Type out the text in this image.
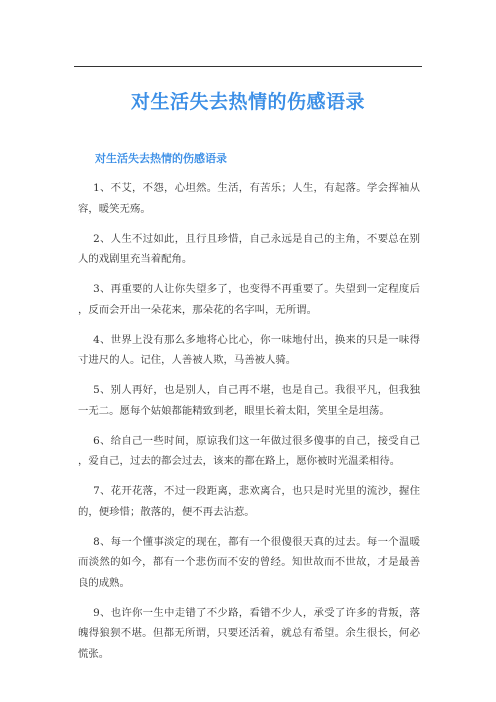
对生活失去热情的伤感语录
对生活失去热情的伤感语录

1、不艾，不怨，心坦然。生活，有苦乐；人生，有起落。学会挥袖从容，暖笑无殇。

2、人生不过如此，且行且珍惜，自己永远是自己的主角，不要总在别人的戏剧里充当着配角。

3、再重要的人让你失望多了，也变得不再重要了。失望到一定程度后，反而会开出一朵花来，那朵花的名字叫，无所谓。

4、世界上没有那么多地将心比心，你一味地付出，换来的只是一味得寸进尺的人。记住，人善被人欺，马善被人骑。

5、别人再好，也是别人，自己再不堪，也是自己。我很平凡，但我独一无二。愿每个姑娘都能精致到老，眼里长着太阳，笑里全是坦荡。

6、给自己一些时间，原谅我们这一年做过很多傻事的自己，接受自己，爱自己，过去的都会过去，该来的都在路上，愿你被时光温柔相待。

7、花开花落，不过一段距离，悲欢离合，也只是时光里的流沙，握住的，便珍惜；散落的，便不再去沾惹。

8、每一个懂事淡定的现在，都有一个很傻很天真的过去。每一个温暖而淡然的如今，都有一个悲伤而不安的曾经。知世故而不世故，才是最善良的成熟。

9、也许你一生中走错了不少路，看错不少人，承受了许多的背叛，落魄得狼狈不堪。但都无所谓，只要还活着，就总有希望。余生很长，何必慌张。
